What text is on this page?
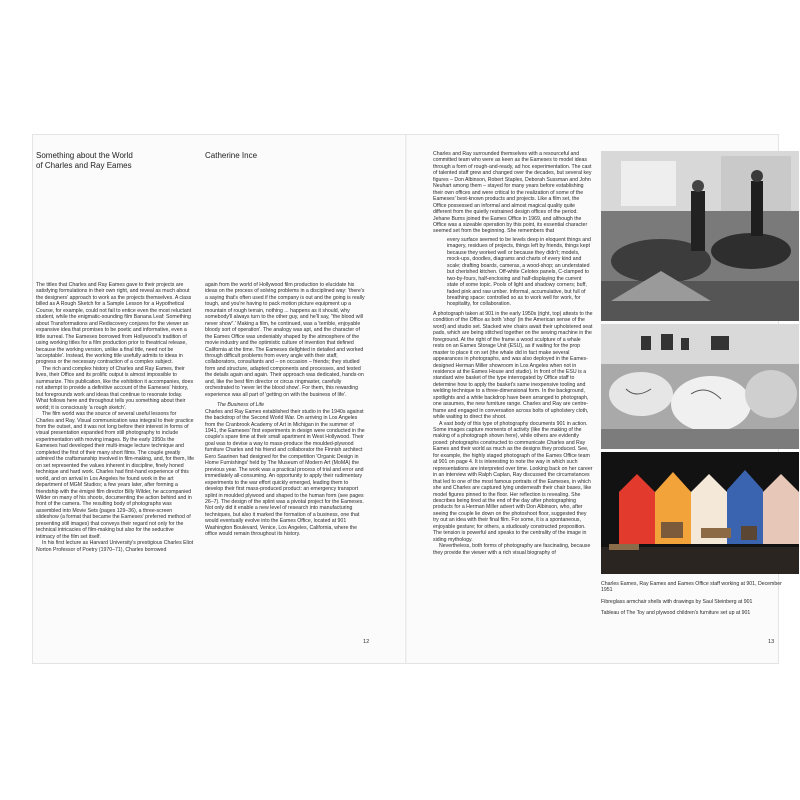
Something about the World
of Charles and Ray Eames
Catherine Ince

The titles that Charles and Ray Eames gave to their projects are satisfying formulations in their own right, and reveal as much about the designers' approach to work as the projects themselves. A class billed as A Rough Sketch for a Sample Lesson for a Hypothetical Course, for example, could not fail to entice even the most reluctant student, while the enigmatic-sounding film Banana Leaf: Something about Transformations and Rediscovery conjures for the viewer an expansive idea that promises to be poetic and informative, even a little surreal. The Eameses borrowed from Hollywood's tradition of using working titles for a film production prior to theatrical release, because the working version, unlike a final title, need not be 'acceptable'. Instead, the working title usefully admits to ideas in progress or the necessary contraction of a complex subject.

The rich and complex history of Charles and Ray Eames, their lives, their Office and its prolific output is almost impossible to summarize. This publication, like the exhibition it accompanies, does not attempt to provide a definitive account of the Eameses' history, but foregrounds work and ideas that continue to resonate today. What follows here and throughout tells you something about their world; it is consciously 'a rough sketch'.

The film world was the source of several useful lessons for Charles and Ray. Visual communication was integral to their practice from the outset, and it was not long before their interest in forms of visual presentation expanded from still photography to include experimentation with moving images. By the early 1950s the Eameses had developed their multi-image lecture technique and completed the first of their many short films. The couple greatly admired the craftsmanship involved in film-making, and, for them, life on set represented the values inherent in discipline, finely honed technique and hard work. Charles had first-hand experience of this world, and on arrival in Los Angeles he found work in the art department of MGM Studios; a few years later, after forming a friendship with the émigré film director Billy Wilder, he accompanied Wilder on many of his shoots, documenting the action behind and in front of the camera. The resulting body of photographs was assembled into Movie Sets (pages 129–36), a three-screen slideshow (a format that became the Eameses' preferred method of presenting still images) that conveys their regard not only for the technical intricacies of film-making but also for the seductive intimacy of the film set itself.

In his first lecture as Harvard University's prestigious Charles Eliot Norton Professor of Poetry (1970–71), Charles borrowed

again from the world of Hollywood film production to elucidate his ideas on the process of solving problems in a disciplined way: 'there's a saying that's often used if the company is out and the going is really tough, and you're having to pack motion picture equipment up a mountain of rough terrain, nothing ... happens as it should, why somebody'll always turn to the other guy, and he'll say, "the blood will never show".' Making a film, he continued, was a 'terrible, enjoyable bloody sort of operation'. The analogy was apt, and the character of the Eames Office was undeniably shaped by the atmosphere of the movie industry and the optimistic culture of invention that defined California at the time. The Eameses delighted in detailed and worked through difficult problems from every angle with their staff, collaborators, consultants and – on occasion – friends; they studied form and structure, adapted components and processes, and tested the details again and again. Their approach was dedicated, hands-on and, like the best film director or circus ringmaster, carefully orchestrated to 'never let the blood show'. For them, this rewarding experience was all part of 'getting on with the business of life'.

The Business of Life

Charles and Ray Eames established their studio in the 1940s against the backdrop of the Second World War. On arriving in Los Angeles from the Cranbrook Academy of Art in Michigan in the summer of 1941, the Eameses' first experiments in design were conducted in the couple's spare time at their small apartment in West Hollywood. Their goal was to devise a way to mass-produce the moulded-plywood furniture Charles and his friend and collaborator the Finnish architect Eero Saarinen had designed for the competition 'Organic Design in Home Furnishings' held by The Museum of Modern Art (MoMA) the previous year. The work was a practical process of trial and error and immediately all-consuming. An opportunity to apply their rudimentary experiments to the war effort quickly emerged, leading them to develop their first mass-produced product: an emergency transport splint in moulded plywood and shaped to the human form (see pages 26–7). The design of the splint was a pivotal project for the Eameses. Not only did it enable a new level of research into manufacturing techniques, but also it marked the formation of a business, one that would eventually evolve into the Eames Office, located at 901 Washington Boulevard, Venice, Los Angeles, California, where the office would remain throughout its history.

12

Charles and Ray surrounded themselves with a resourceful and committed team who were as keen as the Eameses to model ideas through a form of rough-and-ready, ad hoc experimentation. The cast of talented staff grew and changed over the decades, but several key figures – Don Albinson, Robert Staples, Deborah Sussman and John Neuhart among them – stayed for many years before establishing their own offices and were critical to the realization of some of the Eameses' best-known products and projects. Like a film set, the Office possessed an informal and almost magical quality quite different from the quietly restrained design offices of the period. Jehane Burns joined the Eames Office in 1969, and although the Office was a sizeable operation by this point, its essential character seemed set from the beginning. She remembers that

every surface seemed to be levels deep in eloquent things and imagery, residues of projects, things left by friends, things kept because they worked well or because they didn't; models, mock-ups, doodles, diagrams and charts of every kind and scale; drafting boards, cameras, a wood-shop; an understated but cherished kitchen. Off-white Celotex panels, C-clamped to two-by-fours, half-enclosing and half-displaying the current state of some topic. Pools of light and shadowy corners; buff, faded pink and raw umber. Informal, accumulative, but full of breathing space: controlled so as to work well for work, for hospitality, for collaboration.

A photograph taken at 901 in the early 1950s (right, top) attests to the condition of the Office as both 'shop' (in the American sense of the word) and studio set. Stacked wire chairs await their upholstered seat pads, which are being stitched together on the sewing machine in the foreground. At the right of the frame a wood sculpture of a whale rests on an Eames Storage Unit (ESU), as if waiting for the prop master to place it on set (the whale did in fact make several appearances in photographs, and was also deployed in the Eames-designed Herman Miller showroom in Los Angeles when not in residence at the Eames House and studio). In front of the ESU is a standard wire basket of the type interrogated by Office staff to determine how to apply the basket's same inexpensive tooling and welding technique to a three-dimensional form. In the background, spotlights and a white backdrop have been arranged to photograph, one assumes, the new furniture range. Charles and Ray are centre-frame and engaged in conversation across bolts of upholstery cloth, while waiting to direct the shoot.

A vast body of this type of photography documents 901 in action. Some images capture moments of activity (like the making of the making of a photograph shown here), while others are evidently posed: photographs constructed to communicate Charles and Ray Eames and their world as much as the designs they produced. See, for example, the highly staged photograph of the Eames Office team at 901 on page 4. It is interesting to note the way in which such representations are interpreted over time. Looking back on her career in an interview with Ralph Caplan, Ray discussed the circumstances that led to one of the most famous portraits of the Eameses, in which she and Charles are captured lying underneath their chair bases, like model figures pinned to the floor. Her reflection is revealing. She describes being tired at the end of the day after photographing products for a Herman Miller advert with Don Albinson, who, after seeing the couple lie down on the photoshoot floor, suggested they try out an idea with their final film. For some, it is a spontaneous, enjoyable gesture; for others, a studiously constructed proposition. The tension is powerful and speaks to the centrality of the image in siding mythology.

Nevertheless, both forms of photography are fascinating, because they provide the viewer with a rich visual biography of

Charles Eames, Ray Eames and Eames Office staff working at 901, December 1951
Fibreglass armchair shells with drawings by Saul Steinberg at 901
Tableau of The Toy and plywood children's furniture set up at 901
13
